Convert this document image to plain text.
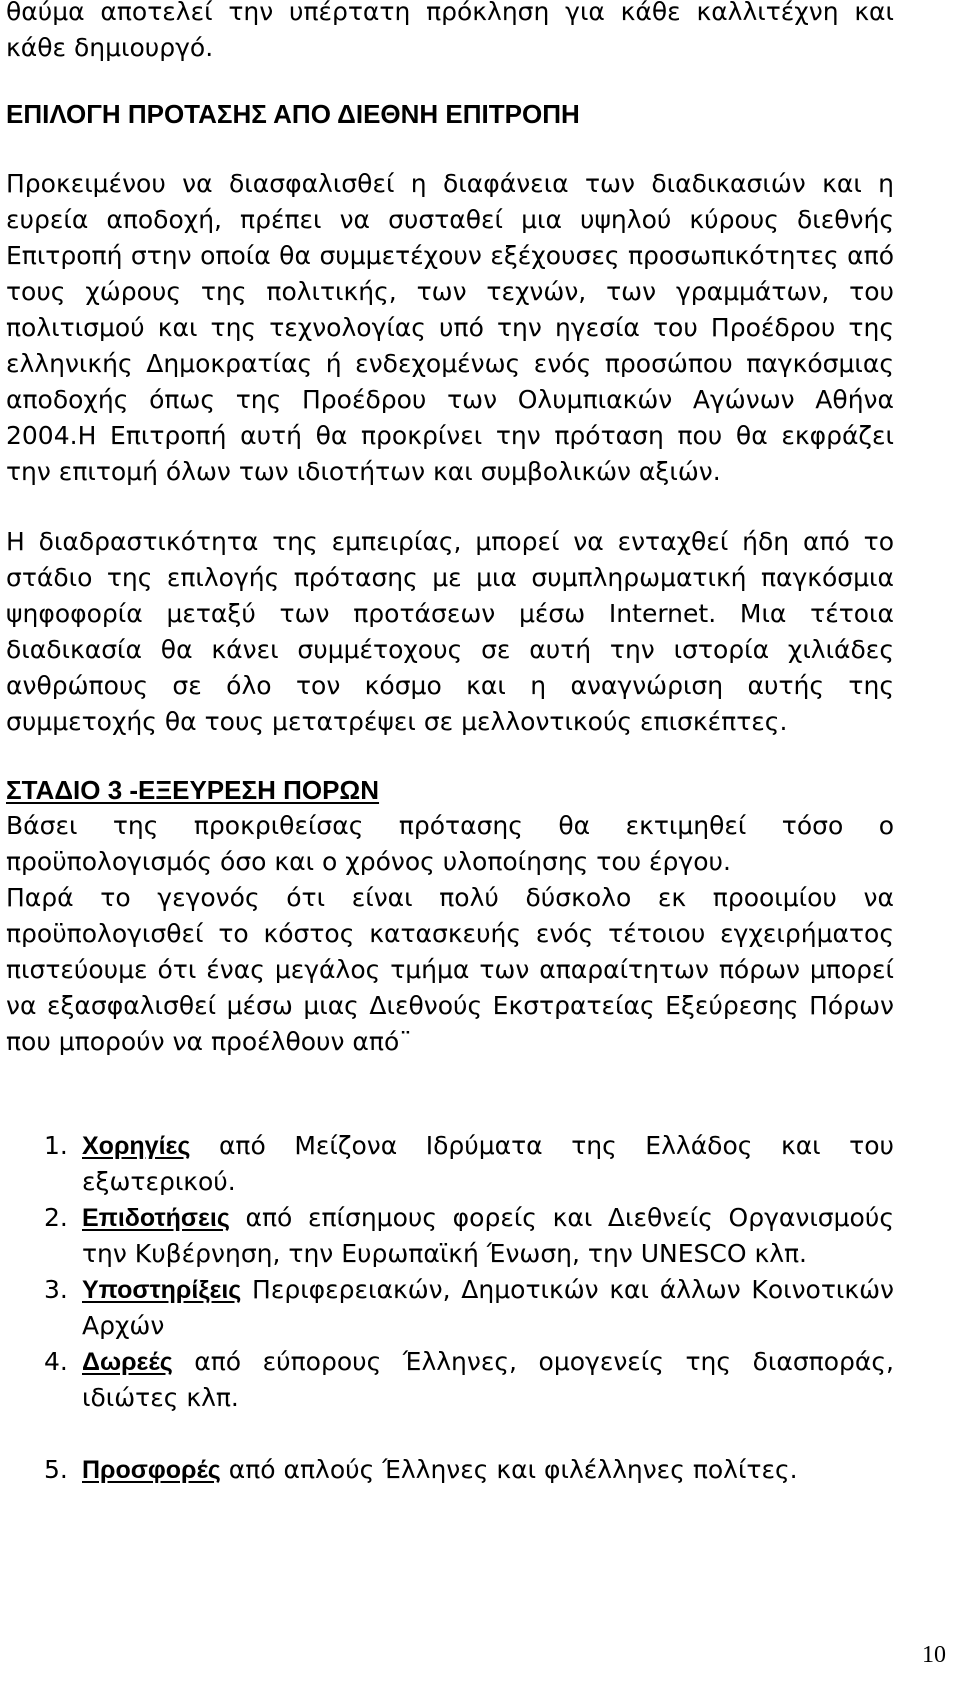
θαύμα αποτελεί την υπέρτατη πρόκληση για κάθε καλλιτέχνη και κάθε δημιουργό.

ΕΠΙΛΟΓΗ ΠΡΟΤΑΣΗΣ ΑΠΟ ΔΙΕΘΝΗ ΕΠΙΤΡΟΠΗ

Προκειμένου να διασφαλισθεί η διαφάνεια των διαδικασιών και η ευρεία αποδοχή, πρέπει να συσταθεί μια υψηλού κύρους διεθνής Επιτροπή στην οποία θα συμμετέχουν εξέχουσες προσωπικότητες από τους χώρους της πολιτικής, των τεχνών, των γραμμάτων, του πολιτισμού και της τεχνολογίας υπό την ηγεσία του Προέδρου της ελληνικής Δημοκρατίας ή ενδεχομένως ενός προσώπου παγκόσμιας αποδοχής όπως της Προέδρου των Ολυμπιακών Αγώνων Αθήνα 2004.Η Επιτροπή αυτή θα προκρίνει την πρόταση που θα εκφράζει την επιτομή όλων των ιδιοτήτων και συμβολικών αξιών.

Η διαδραστικότητα της εμπειρίας, μπορεί να ενταχθεί ήδη από το στάδιο της επιλογής πρότασης με μια συμπληρωματική παγκόσμια ψηφοφορία μεταξύ των προτάσεων μέσω Internet. Μια τέτοια διαδικασία θα κάνει συμμέτοχους σε αυτή την ιστορία χιλιάδες ανθρώπους σε όλο τον κόσμο και η αναγνώριση αυτής της συμμετοχής θα τους μετατρέψει σε μελλοντικούς επισκέπτες.

ΣΤΑΔΙΟ 3 -ΕΞΕΥΡΕΣΗ ΠΟΡΩΝ

Βάσει της προκριθείσας πρότασης θα εκτιμηθεί τόσο ο προϋπολογισμός όσο και ο χρόνος υλοποίησης του έργου.

Παρά το γεγονός ότι είναι πολύ δύσκολο εκ προοιμίου να προϋπολογισθεί το κόστος κατασκευής ενός τέτοιου εγχειρήματος πιστεύουμε ότι ένας μεγάλος τμήμα των απαραίτητων πόρων μπορεί να εξασφαλισθεί μέσω μιας Διεθνούς Εκστρατείας Εξεύρεσης Πόρων που μπορούν να προέλθουν από¨

1. Χορηγίες από Μείζονα Ιδρύματα της Ελλάδος και του εξωτερικού.
2. Επιδοτήσεις από επίσημους φορείς και Διεθνείς Οργανισμούς την Κυβέρνηση, την Ευρωπαϊκή Ένωση, την UNESCO κλπ.
3. Υποστηρίξεις Περιφερειακών, Δημοτικών και άλλων Κοινοτικών Αρχών
4. Δωρεές από εύπορους Έλληνες, ομογενείς της διασποράς, ιδιώτες κλπ.
5. Προσφορές από απλούς Έλληνες και φιλέλληνες πολίτες.
10
